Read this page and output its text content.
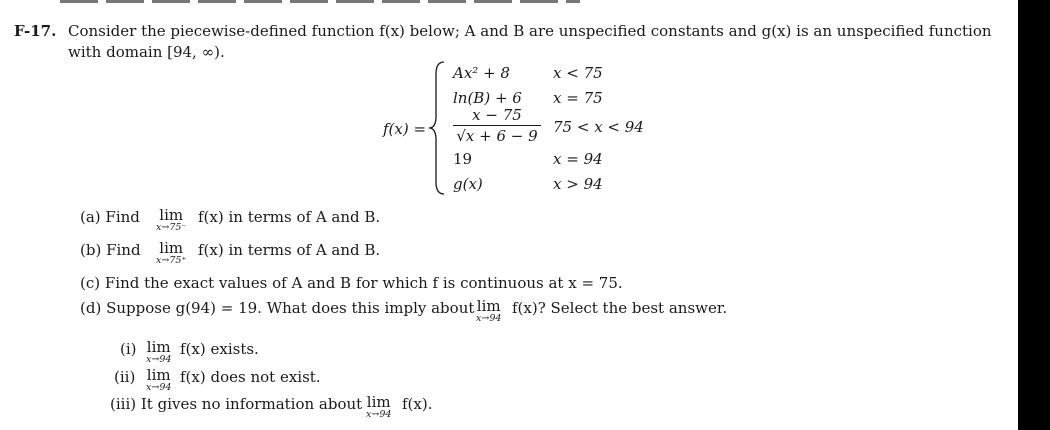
F-17. Consider the piecewise-defined function f(x) below; A and B are unspecified constants and g(x) is an unspecified function
with domain [94, ∞).
f(x) =
Ax² + 8	x < 75
ln(B) + 6 x = 75
x − 75
√x + 6 − 9 75 < x < 94
19	x = 94
g(x)	x > 94
(a) Find lim
x→75⁻
f(x) in terms of A and B.
(b) Find lim
x→75⁺
f(x) in terms of A and B.
(c) Find the exact values of A and B for which f is continuous at x = 75.
(d) Suppose g(94) = 19. What does this imply about lim
x→94
f(x)? Select the best answer.
(i) lim
x→94
f(x) exists.
(ii) lim
x→94
f(x) does not exist.
(iii) It gives no information about lim
x→94
f(x).
